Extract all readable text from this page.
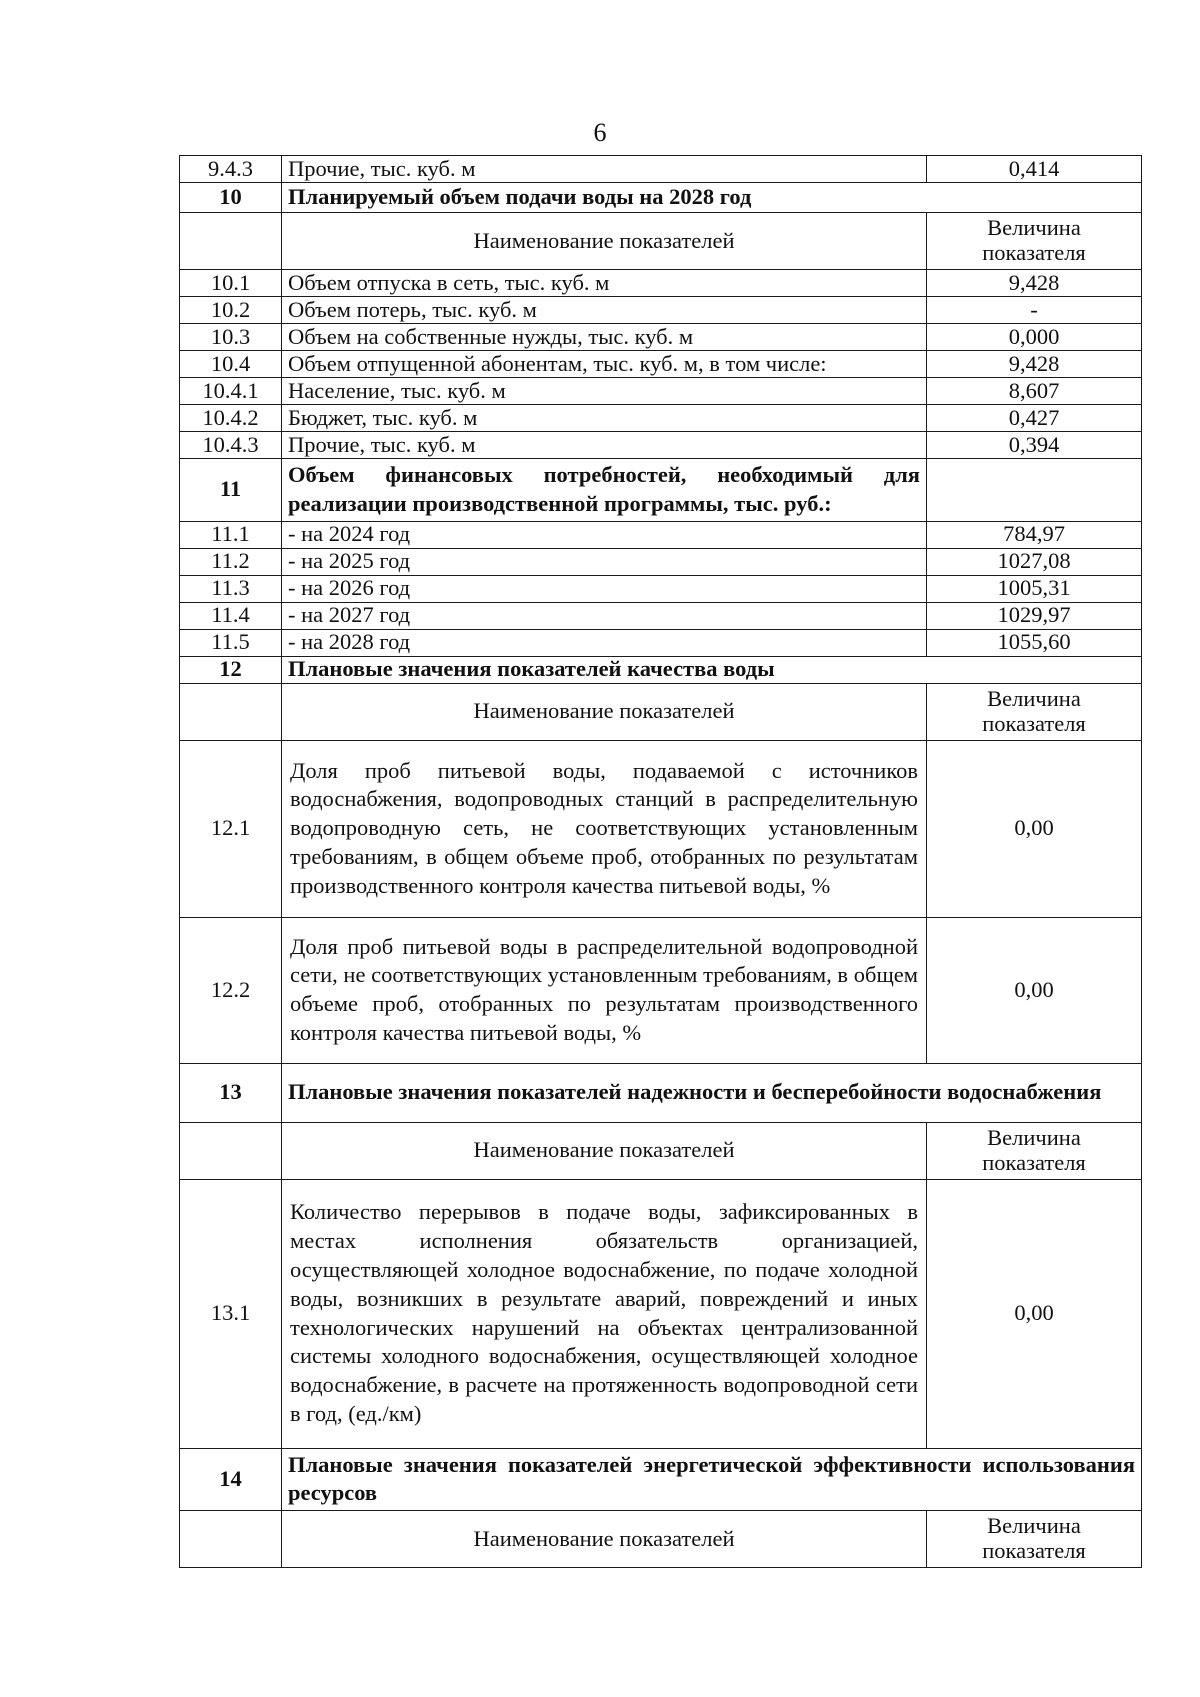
6
9.4.3	Прочие, тыс. куб. м	0,414
10	Планируемый объем подачи воды на 2028 год	
	Наименование показателей	Величина показателя
10.1	Объем отпуска в сеть, тыс. куб. м	9,428
10.2	Объем потерь, тыс. куб. м	-
10.3	Объем на собственные нужды, тыс. куб. м	0,000
10.4	Объем отпущенной абонентам, тыс. куб. м, в том числе:	9,428
10.4.1	Население, тыс. куб. м	8,607
10.4.2	Бюджет, тыс. куб. м	0,427
10.4.3	Прочие, тыс. куб. м	0,394
11	Объем финансовых потребностей, необходимый для реализации производственной программы, тыс. руб.:	
11.1	- на 2024 год	784,97
11.2	- на 2025 год	1027,08
11.3	- на 2026 год	1005,31
11.4	- на 2027 год	1029,97
11.5	- на 2028 год	1055,60
12	Плановые значения показателей качества воды	
	Наименование показателей	Величина показателя
12.1	Доля проб питьевой воды, подаваемой с источников водоснабжения, водопроводных станций в распределительную водопроводную сеть, не соответствующих установленным требованиям, в общем объеме проб, отобранных по результатам производственного контроля качества питьевой воды, %	0,00
12.2	Доля проб питьевой воды в распределительной водопроводной сети, не соответствующих установленным требованиям, в общем объеме проб, отобранных по результатам производственного контроля качества питьевой воды, %	0,00
13	Плановые значения показателей надежности и бесперебойности водоснабжения	
	Наименование показателей	Величина показателя
13.1	Количество перерывов в подаче воды, зафиксированных в местах исполнения обязательств организацией, осуществляющей холодное водоснабжение, по подаче холодной воды, возникших в результате аварий, повреждений и иных технологических нарушений на объектах централизованной системы холодного водоснабжения, осуществляющей холодное водоснабжение, в расчете на протяженность водопроводной сети в год, (ед./км)	0,00
14	Плановые значения показателей энергетической эффективности использования ресурсов	
	Наименование показателей	Величина показателя
